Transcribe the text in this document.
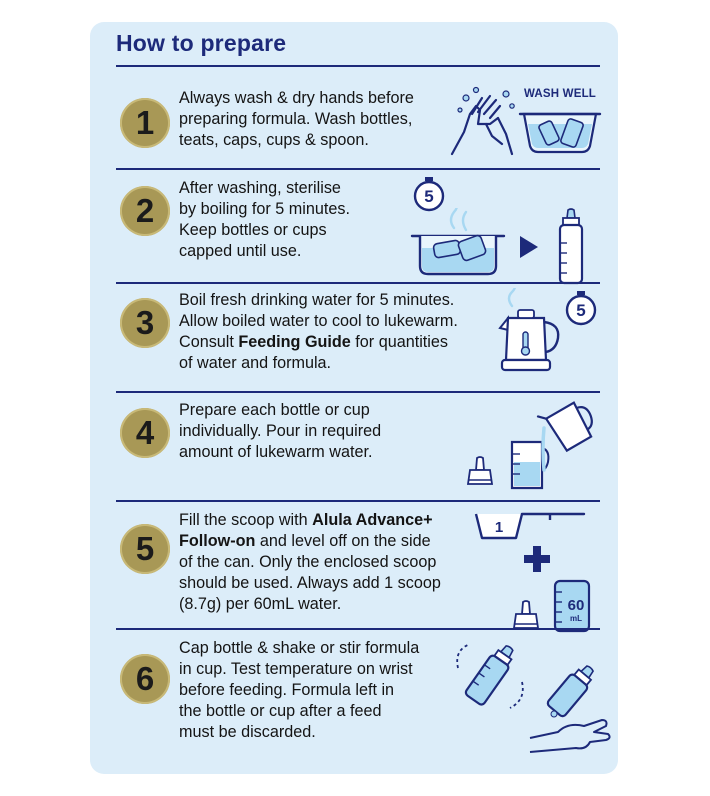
How to prepare
1
Always wash & dry hands before
preparing formula. Wash bottles,
teats, caps, cups & spoon.
WASH WELL
2
After washing, sterilise
by boiling for 5 minutes.
Keep bottles or cups
capped until use.
5
3
Boil fresh drinking water for 5 minutes.
Allow boiled water to cool to lukewarm.
Consult Feeding Guide for quantities
of water and formula.
5
4
Prepare each bottle or cup
individually. Pour in required
amount of lukewarm water.
5
Fill the scoop with Alula Advance+
Follow-on and level off on the side
of the can. Only the enclosed scoop
should be used. Always add 1 scoop
(8.7g) per 60mL water.
1
60
mL
6
Cap bottle & shake or stir formula
in cup. Test temperature on wrist
before feeding. Formula left in
the bottle or cup after a feed
must be discarded.
